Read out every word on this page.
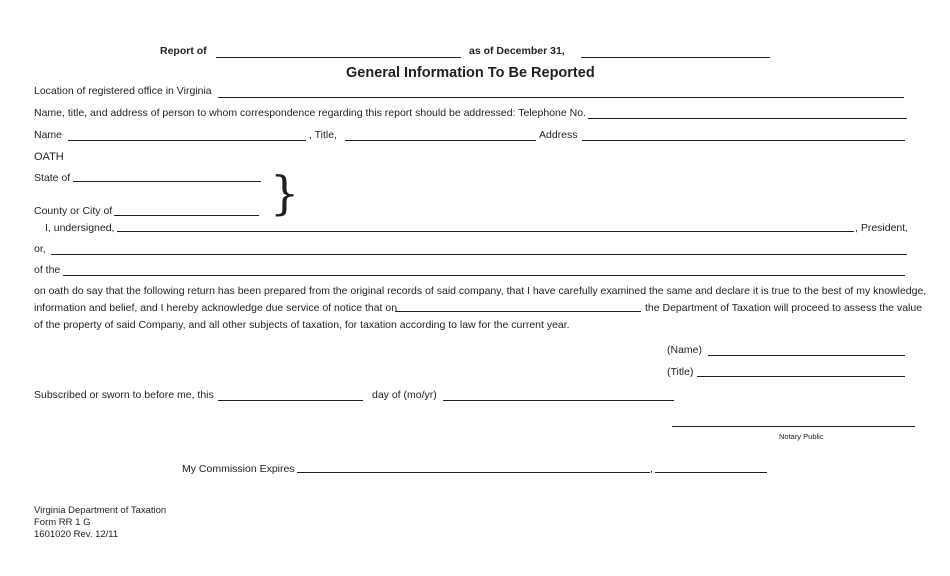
Report of	as of December 31,
General Information To Be Reported
Location of registered office in Virginia
Name, title, and address of person to whom correspondence regarding this report should be addressed: Telephone No.
Name	, Title,	Address
OATH
State of	}
County or City of
I, undersigned,	, President,
or,
of the
on oath do say that the following return has been prepared from the original records of said company, that I have carefully examined the same and declare it is true to the best of my knowledge,
information and belief, and I hereby acknowledge due service of notice that on	the Department of Taxation will proceed to assess the value
of the property of said Company, and all other subjects of taxation, for taxation according to law for the current year.
(Name)
(Title)
Subscribed or sworn to before me, this	day of (mo/yr)
Notary Public
My Commission Expires	,
Virginia Department of Taxation
Form RR 1 G
1601020 Rev. 12/11
